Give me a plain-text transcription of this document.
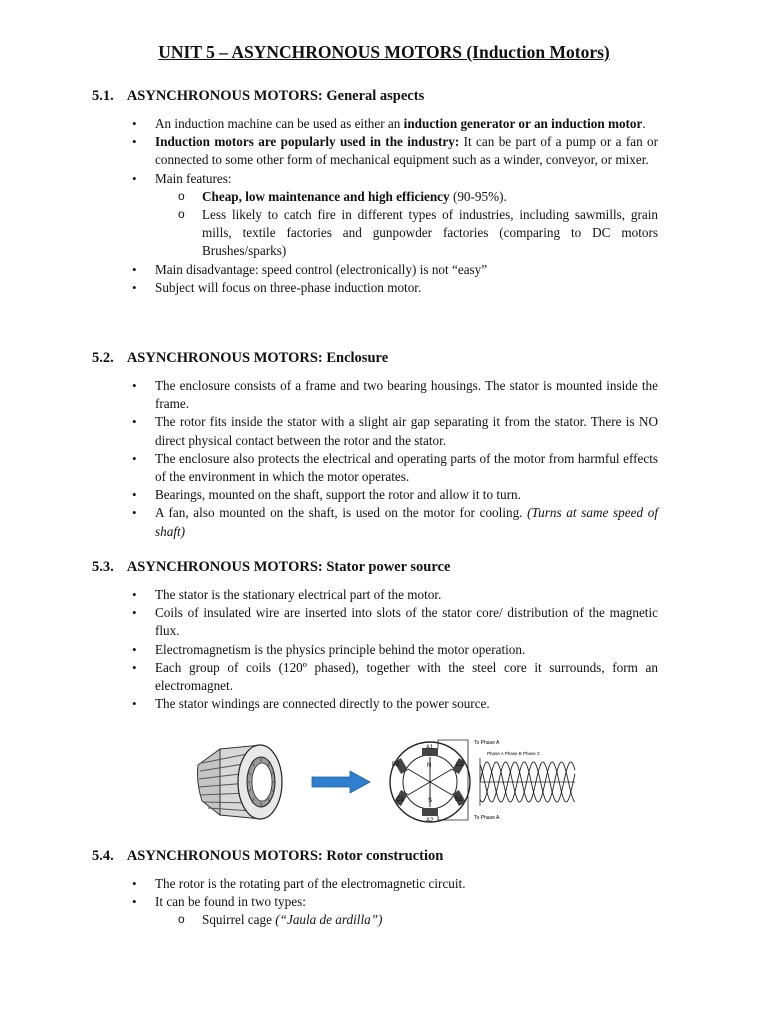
UNIT 5 – ASYNCHRONOUS MOTORS (Induction Motors)
5.1. ASYNCHRONOUS MOTORS: General aspects
• An induction machine can be used as either an induction generator or an induction motor.
• Induction motors are popularly used in the industry: It can be part of a pump or a fan or connected to some other form of mechanical equipment such as a winder, conveyor, or mixer.
• Main features:
o Cheap, low maintenance and high efficiency (90-95%).
o Less likely to catch fire in different types of industries, including sawmills, grain mills, textile factories and gunpowder factories (comparing to DC motors Brushes/sparks)
• Main disadvantage: speed control (electronically) is not “easy”
• Subject will focus on three-phase induction motor.
5.2. ASYNCHRONOUS MOTORS: Enclosure
• The enclosure consists of a frame and two bearing housings. The stator is mounted inside the frame.
• The rotor fits inside the stator with a slight air gap separating it from the stator. There is NO direct physical contact between the rotor and the stator.
• The enclosure also protects the electrical and operating parts of the motor from harmful effects of the environment in which the motor operates.
• Bearings, mounted on the shaft, support the rotor and allow it to turn.
• A fan, also mounted on the shaft, is used on the motor for cooling. (Turns at same speed of shaft)
5.3. ASYNCHRONOUS MOTORS: Stator power source
• The stator is the stationary electrical part of the motor.
• Coils of insulated wire are inserted into slots of the stator core/ distribution of the magnetic flux.
• Electromagnetism is the physics principle behind the motor operation.
• Each group of coils (120º phased), together with the steel core it surrounds, form an electromagnet.
• The stator windings are connected directly to the power source.
A1
A2
B2
B1
C2
C1
N
S
To Phase A
To Phase A
Phase A Phase B Phase C
5.4. ASYNCHRONOUS MOTORS: Rotor construction
• The rotor is the rotating part of the electromagnetic circuit.
• It can be found in two types:
o Squirrel cage (“Jaula de ardilla”)
